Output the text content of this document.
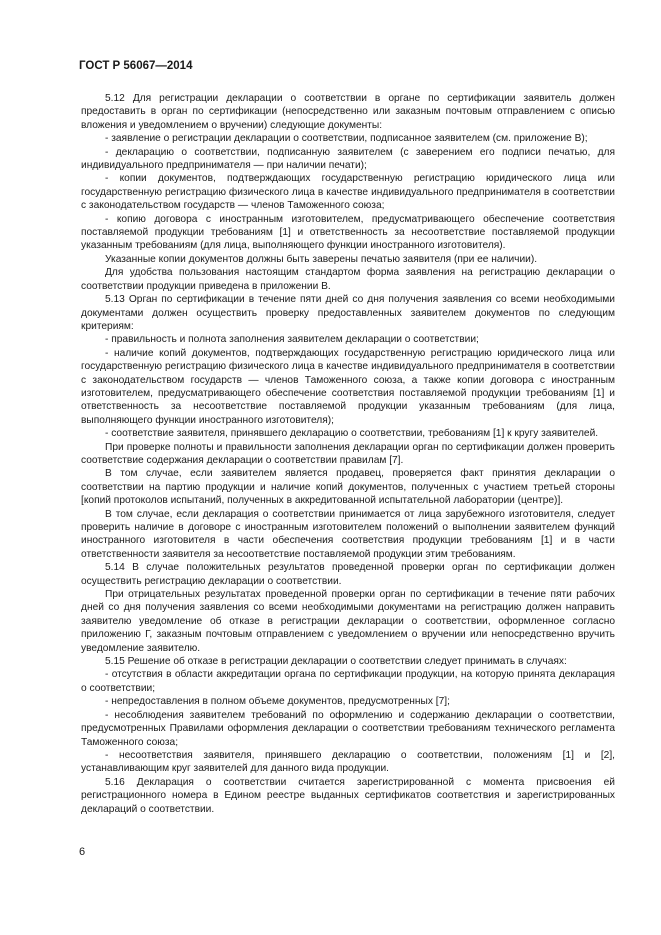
ГОСТ Р 56067—2014

5.12 Для регистрации декларации о соответствии в органе по сертификации заявитель должен предоставить в орган по сертификации (непосредственно или заказным почтовым отправлением с описью вложения и уведомлением о вручении) следующие документы:

- заявление о регистрации декларации о соответствии, подписанное заявителем (см. приложение В);

- декларацию о соответствии, подписанную заявителем (с заверением его подписи печатью, для индивидуального предпринимателя — при наличии печати);

- копии документов, подтверждающих государственную регистрацию юридического лица или государственную регистрацию физического лица в качестве индивидуального предпринимателя в соответствии с законодательством государств — членов Таможенного союза;

- копию договора с иностранным изготовителем, предусматривающего обеспечение соответствия поставляемой продукции требованиям [1] и ответственность за несоответствие поставляемой продукции указанным требованиям (для лица, выполняющего функции иностранного изготовителя).

Указанные копии документов должны быть заверены печатью заявителя (при ее наличии).

Для удобства пользования настоящим стандартом форма заявления на регистрацию декларации о соответствии продукции приведена в приложении В.

5.13 Орган по сертификации в течение пяти дней со дня получения заявления со всеми необходимыми документами должен осуществить проверку предоставленных заявителем документов по следующим критериям:

- правильность и полнота заполнения заявителем декларации о соответствии;

- наличие копий документов, подтверждающих государственную регистрацию юридического лица или государственную регистрацию физического лица в качестве индивидуального предпринимателя в соответствии с законодательством государств — членов Таможенного союза, а также копии договора с иностранным изготовителем, предусматривающего обеспечение соответствия поставляемой продукции требованиям [1] и ответственность за несоответствие поставляемой продукции указанным требованиям (для лица, выполняющего функции иностранного изготовителя);

- соответствие заявителя, принявшего декларацию о соответствии, требованиям [1] к кругу заявителей.

При проверке полноты и правильности заполнения декларации орган по сертификации должен проверить соответствие содержания декларации о соответствии правилам [7].

В том случае, если заявителем является продавец, проверяется факт принятия декларации о соответствии на партию продукции и наличие копий документов, полученных с участием третьей стороны [копий протоколов испытаний, полученных в аккредитованной испытательной лаборатории (центре)].

В том случае, если декларация о соответствии принимается от лица зарубежного изготовителя, следует проверить наличие в договоре с иностранным изготовителем положений о выполнении заявителем функций иностранного изготовителя в части обеспечения соответствия продукции требованиям [1] и в части ответственности заявителя за несоответствие поставляемой продукции этим требованиям.

5.14 В случае положительных результатов проведенной проверки орган по сертификации должен осуществить регистрацию декларации о соответствии.

При отрицательных результатах проведенной проверки орган по сертификации в течение пяти рабочих дней со дня получения заявления со всеми необходимыми документами на регистрацию должен направить заявителю уведомление об отказе в регистрации декларации о соответствии, оформленное согласно приложению Г, заказным почтовым отправлением с уведомлением о вручении или непосредственно вручить уведомление заявителю.

5.15 Решение об отказе в регистрации декларации о соответствии следует принимать в случаях:

- отсутствия в области аккредитации органа по сертификации продукции, на которую принята декларация о соответствии;

- непредоставления в полном объеме документов, предусмотренных [7];

- несоблюдения заявителем требований по оформлению и содержанию декларации о соответствии, предусмотренных Правилами оформления декларации о соответствии требованиям технического регламента Таможенного союза;

- несоответствия заявителя, принявшего декларацию о соответствии, положениям [1] и [2], устанавливающим круг заявителей для данного вида продукции.

5.16 Декларация о соответствии считается зарегистрированной с момента присвоения ей регистрационного номера в Едином реестре выданных сертификатов соответствия и зарегистрированных деклараций о соответствии.

6
